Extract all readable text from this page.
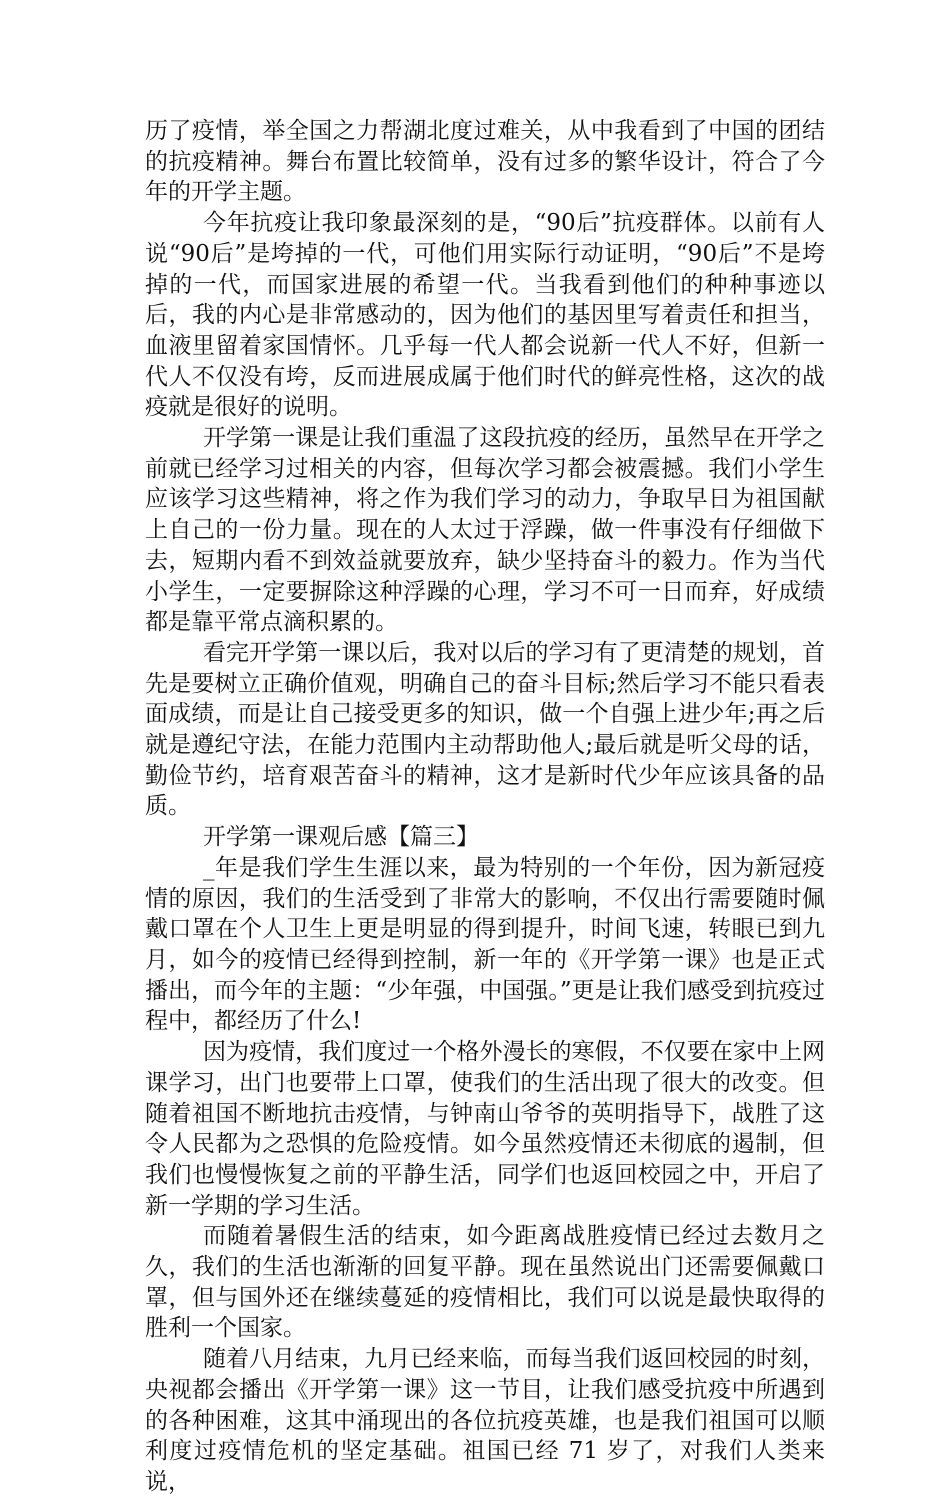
历了疫情，举全国之力帮湖北度过难关，从中我看到了中国的团结的抗疫精神。舞台布置比较简单，没有过多的繁华设计，符合了今年的开学主题。

今年抗疫让我印象最深刻的是，“90后”抗疫群体。以前有人说“90后”是垮掉的一代，可他们用实际行动证明，“90后”不是垮掉的一代，而国家进展的希望一代。当我看到他们的种种事迹以后，我的内心是非常感动的，因为他们的基因里写着责任和担当，血液里留着家国情怀。几乎每一代人都会说新一代人不好，但新一代人不仅没有垮，反而进展成属于他们时代的鲜亮性格，这次的战疫就是很好的说明。

开学第一课是让我们重温了这段抗疫的经历，虽然早在开学之前就已经学习过相关的内容，但每次学习都会被震撼。我们小学生应该学习这些精神，将之作为我们学习的动力，争取早日为祖国献上自己的一份力量。现在的人太过于浮躁，做一件事没有仔细做下去，短期内看不到效益就要放弃，缺少坚持奋斗的毅力。作为当代小学生，一定要摒除这种浮躁的心理，学习不可一日而弃，好成绩都是靠平常点滴积累的。

看完开学第一课以后，我对以后的学习有了更清楚的规划，首先是要树立正确价值观，明确自己的奋斗目标;然后学习不能只看表面成绩，而是让自己接受更多的知识，做一个自强上进少年;再之后就是遵纪守法，在能力范围内主动帮助他人;最后就是听父母的话，勤俭节约，培育艰苦奋斗的精神，这才是新时代少年应该具备的品质。

开学第一课观后感【篇三】

_年是我们学生生涯以来，最为特别的一个年份，因为新冠疫情的原因，我们的生活受到了非常大的影响，不仅出行需要随时佩戴口罩在个人卫生上更是明显的得到提升，时间飞速，转眼已到九月，如今的疫情已经得到控制，新一年的《开学第一课》也是正式播出，而今年的主题：“少年强，中国强。”更是让我们感受到抗疫过程中，都经历了什么!

因为疫情，我们度过一个格外漫长的寒假，不仅要在家中上网课学习，出门也要带上口罩，使我们的生活出现了很大的改变。但随着祖国不断地抗击疫情，与钟南山爷爷的英明指导下，战胜了这令人民都为之恐惧的危险疫情。如今虽然疫情还未彻底的遏制，但我们也慢慢恢复之前的平静生活，同学们也返回校园之中，开启了新一学期的学习生活。

而随着暑假生活的结束，如今距离战胜疫情已经过去数月之久，我们的生活也渐渐的回复平静。现在虽然说出门还需要佩戴口罩，但与国外还在继续蔓延的疫情相比，我们可以说是最快取得的胜利一个国家。

随着八月结束，九月已经来临，而每当我们返回校园的时刻，央视都会播出《开学第一课》这一节目，让我们感受抗疫中所遇到的各种困难，这其中涌现出的各位抗疫英雄，也是我们祖国可以顺利度过疫情危机的坚定基础。祖国已经 71 岁了，对我们人类来说，
